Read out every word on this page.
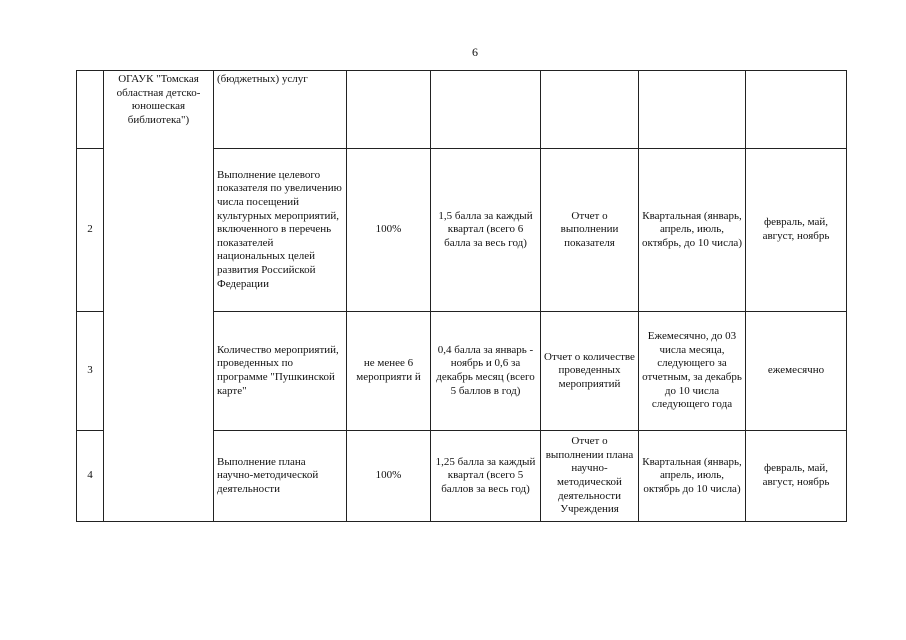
6
	ОГАУК "Томская областная детско-юношеская библиотека")	(бюджетных) услуг					
2		Выполнение целевого показателя по увеличению числа посещений культурных мероприятий, включенного в перечень показателей национальных целей развития Российской Федерации	100%	1,5 балла за каждый квартал (всего 6 балла за весь год)	Отчет о выполнении показателя	Квартальная (январь, апрель, июль, октябрь, до 10 числа)	февраль, май, август, ноябрь
3		Количество мероприятий, проведенных по программе "Пушкинской карте"	не менее 6 мероприяти й	0,4 балла за январь - ноябрь и 0,6 за декабрь месяц (всего 5 баллов в год)	Отчет о количестве проведенных мероприятий	Ежемесячно, до 03 числа месяца, следующего за отчетным, за декабрь до 10 числа следующего года	ежемесячно
4		Выполнение плана научно-методической деятельности	100%	1,25 балла за каждый квартал (всего 5 баллов за весь год)	Отчет о выполнении плана научно-методической деятельности Учреждения	Квартальная (январь, апрель, июль, октябрь до 10 числа)	февраль, май, август, ноябрь
